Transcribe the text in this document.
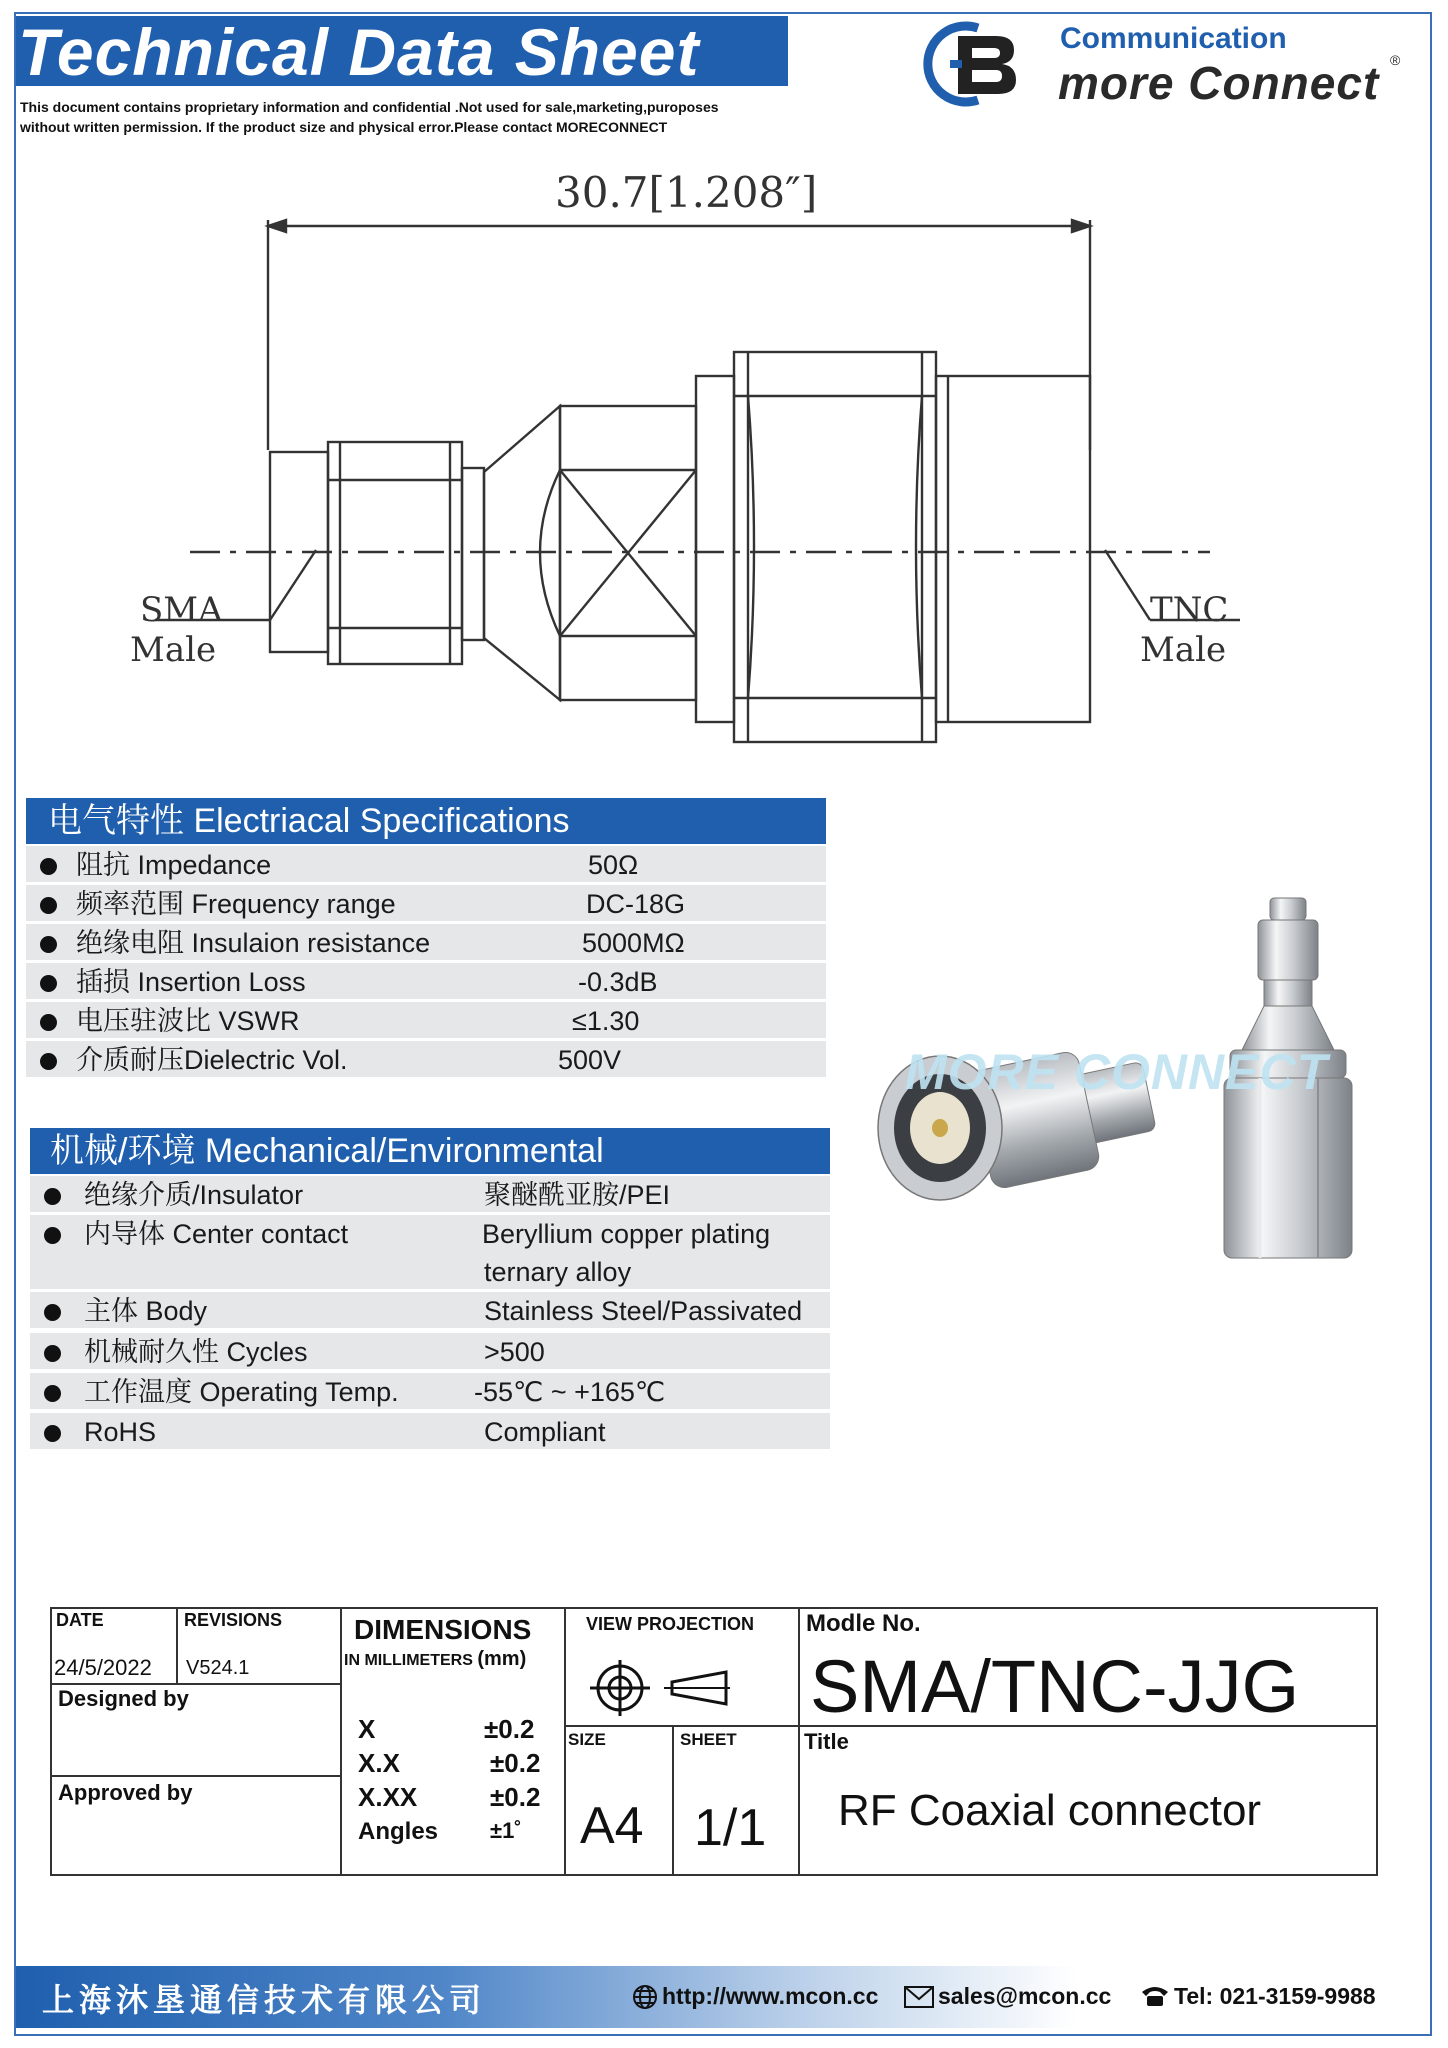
Technical Data Sheet
This document contains proprietary information and confidential .Not used for sale,marketing,puroposes
without written permission. If the product size and physical error.Please contact MORECONNECT
Communication
more Connect ®
30.7[1.208″]
SMA
Male
TNC
Male
电气特性 Electriacal Specifications
阻抗 Impedance	50Ω
频率范围 Frequency range	DC-18G
绝缘电阻 Insulaion resistance	5000MΩ
插损 Insertion Loss	-0.3dB
电压驻波比 VSWR	≤1.30
介质耐压Dielectric Vol.	500V
机械/环境 Mechanical/Environmental
绝缘介质/Insulator	聚醚酰亚胺/PEI
内导体 Center contact	Beryllium copper plating
ternary alloy
主体 Body	Stainless Steel/Passivated
机械耐久性 Cycles	>500
工作温度 Operating Temp.	-55℃ ~ +165℃
RoHS	Compliant
MORE CONNECT
DATE
24/5/2022
REVISIONS
V524.1
Designed by
Approved by
DIMENSIONS
IN MILLIMETERS (mm)
X	±0.2
X.X	±0.2
X.XX	±0.2
Angles ±1˚
VIEW PROJECTION
SIZE
A4
SHEET
1/1
Modle No.
SMA/TNC-JJG
Title
RF Coaxial connector
上海沐垦通信技术有限公司	http://www.mcon.cc	sales@mcon.cc	Tel: 021-3159-9988
